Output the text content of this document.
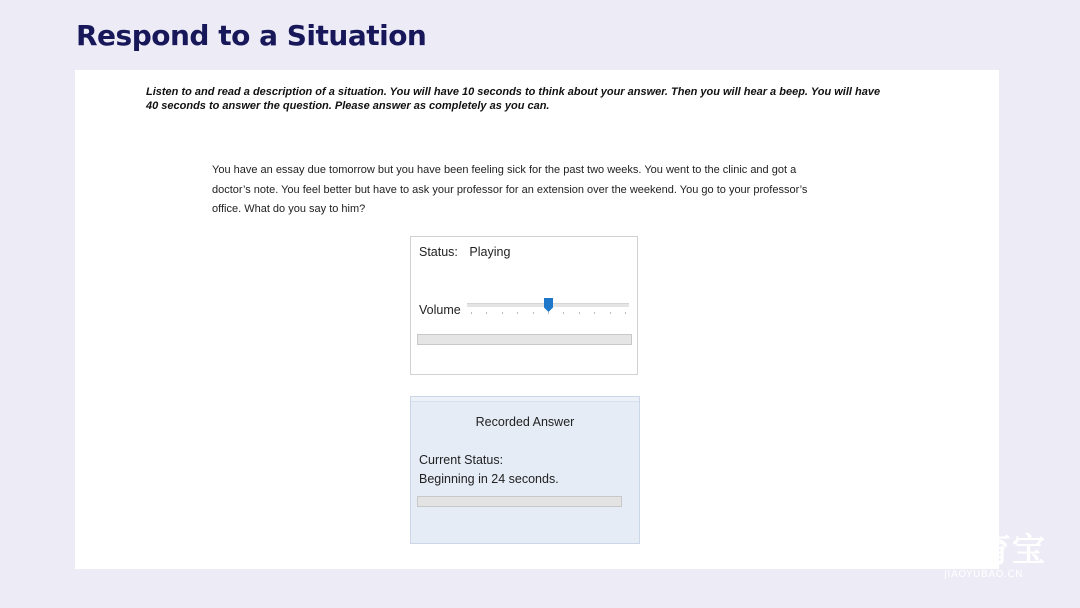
Respond to a Situation

Listen to and read a description of a situation. You will have 10 seconds to think about your answer. Then you will hear a beep. You will have 40 seconds to answer the question. Please answer as completely as you can.

You have an essay due tomorrow but you have been feeling sick for the past two weeks. You went to the clinic and got a doctor’s note. You feel better but have to ask your professor for an extension over the weekend. You go to your professor’s office. What do you say to him?

Status: Playing
Volume
Recorded Answer
Current Status:
Beginning in 24 seconds.
教育宝
JIAOYUBAO.CN
